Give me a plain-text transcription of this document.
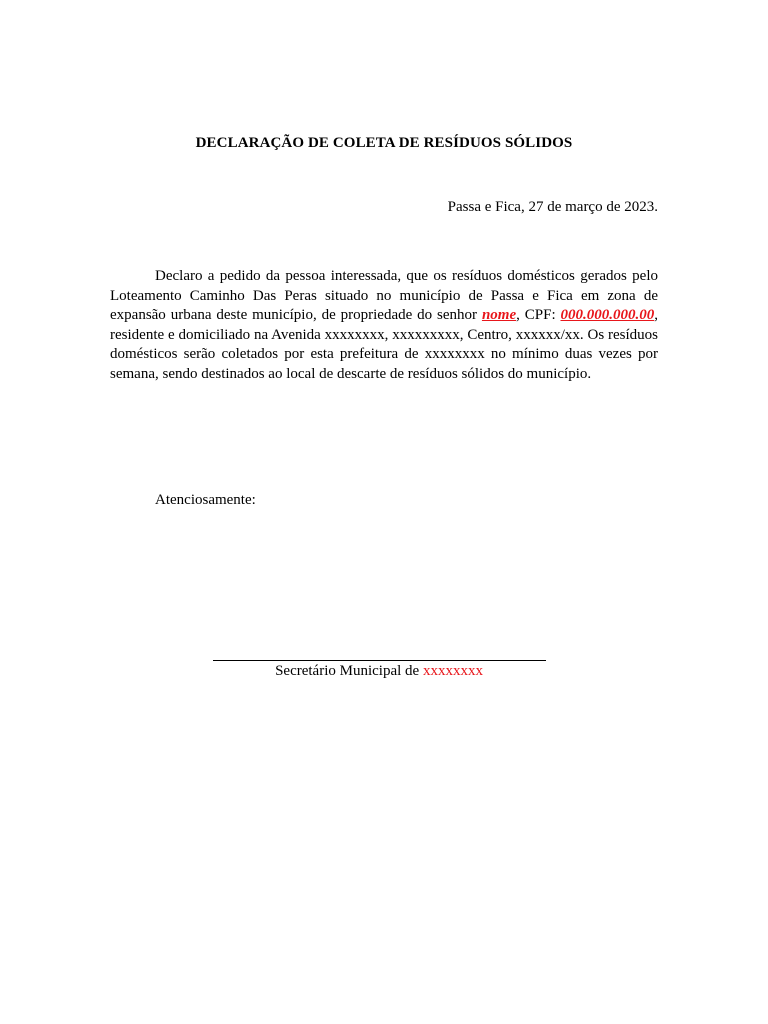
DECLARAÇÃO DE COLETA DE RESÍDUOS SÓLIDOS

Passa e Fica, 27 de março de 2023.

Declaro a pedido da pessoa interessada, que os resíduos domésticos gerados pelo Loteamento Caminho Das Peras situado no município de Passa e Fica em zona de expansão urbana deste município, de propriedade do senhor nome, CPF: 000.000.000.00, residente e domiciliado na Avenida xxxxxxxx, xxxxxxxxx, Centro, xxxxxx/xx. Os resíduos domésticos serão coletados por esta prefeitura de xxxxxxxx no mínimo duas vezes por semana, sendo destinados ao local de descarte de resíduos sólidos do município.

Atenciosamente:

Secretário Municipal de xxxxxxxx
